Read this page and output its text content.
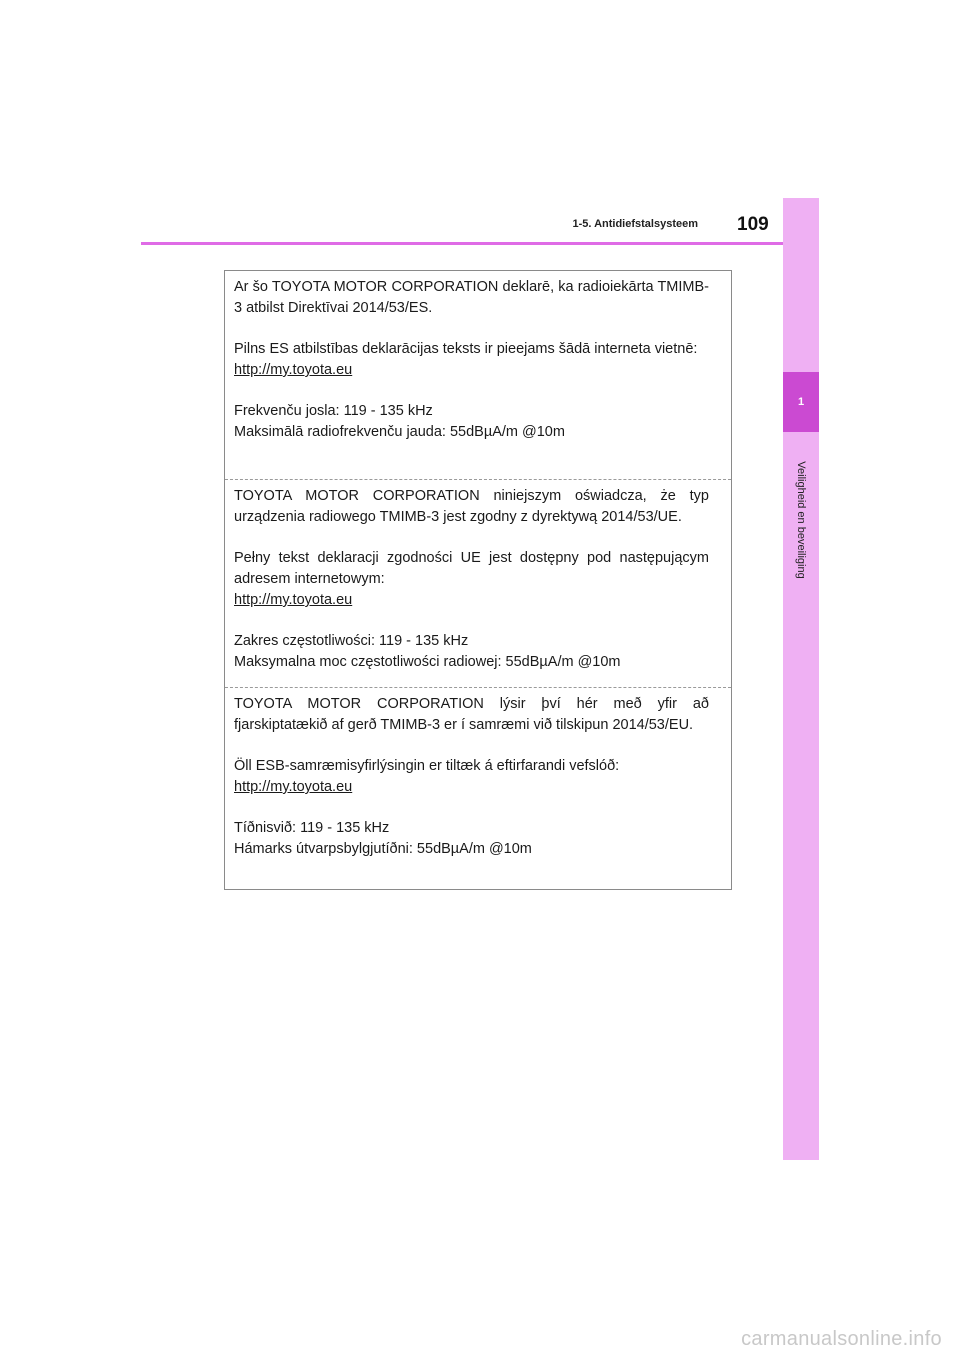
1
Veiligheid en beveiliging
1-5. Antidiefstalsysteem 109

Ar šo TOYOTA MOTOR CORPORATION deklarē, ka radioiekārta TMIMB-3 atbilst Direktīvai 2014/53/ES.

Pilns ES atbilstības deklarācijas teksts ir pieejams šādā interneta vietnē:

http://my.toyota.eu

Frekvenču josla: 119 - 135 kHz

Maksimālā radiofrekvenču jauda: 55dBµA/m @10m

TOYOTA MOTOR CORPORATION niniejszym oświadcza, że typ urządzenia radiowego TMIMB-3 jest zgodny z dyrektywą 2014/53/UE.

Pełny tekst deklaracji zgodności UE jest dostępny pod następującym adresem internetowym:

http://my.toyota.eu

Zakres częstotliwości: 119 - 135 kHz

Maksymalna moc częstotliwości radiowej: 55dBµA/m @10m

TOYOTA MOTOR CORPORATION lýsir því hér með yfir að fjarskiptatækið af gerð TMIMB-3 er í samræmi við tilskipun 2014/53/EU.

Öll ESB-samræmisyfirlýsingin er tiltæk á eftirfarandi vefslóð:

http://my.toyota.eu

Tíðnisvið: 119 - 135 kHz

Hámarks útvarpsbylgjutíðni: 55dBµA/m @10m

carmanualsonline.info
